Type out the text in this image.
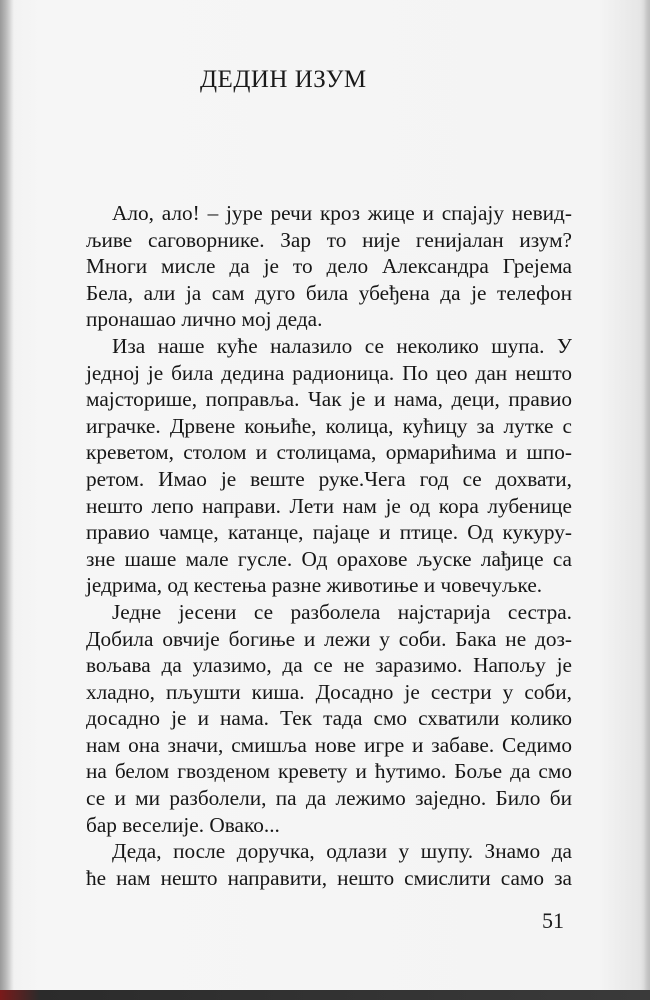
ДЕДИН ИЗУМ
Ало, ало! – јуре речи кроз жице и спајају невид-
љиве саговорнике. Зар то није генијалан изум?
Многи мисле да је то дело Александра Грејема
Бела, али ја сам дуго била убеђена да је телефон
пронашао лично мој деда.
Иза наше куће налазило се неколико шупа. У
једној је била дедина радионица. По цео дан нешто
мајсторише, поправља. Чак је и нама, деци, правио
играчке. Дрвене коњиће, колица, кућицу за лутке с
креветом, столом и столицама, ормарићима и шпо-
ретом. Имао је веште руке.Чега год се дохвати,
нешто лепо направи. Лети нам је од кора лубенице
правио чамце, катанце, пајаце и птице. Од кукуру-
зне шаше мале гусле. Од ораховe љуске лађице са
једрима, од кестења разне животиње и човечуљке.
Једне јесени се разболела најстарија сестра.
Добила овчије богиње и лежи у соби. Бака не доз-
вољава да улазимо, да се не заразимо. Напољу је
хладно, пљушти киша. Досадно је сестри у соби,
досадно је и нама. Тек тада смо схватили колико
нам она значи, смишља нове игре и забаве. Седимо
на белом гвозденом кревету и ћутимо. Боље да смо
се и ми разболели, па да лежимо заједно. Било би
бар веселије. Овако...
Деда, после доручка, одлази у шупу. Знамо да
ће нам нешто направити, нешто смислити само за
51
